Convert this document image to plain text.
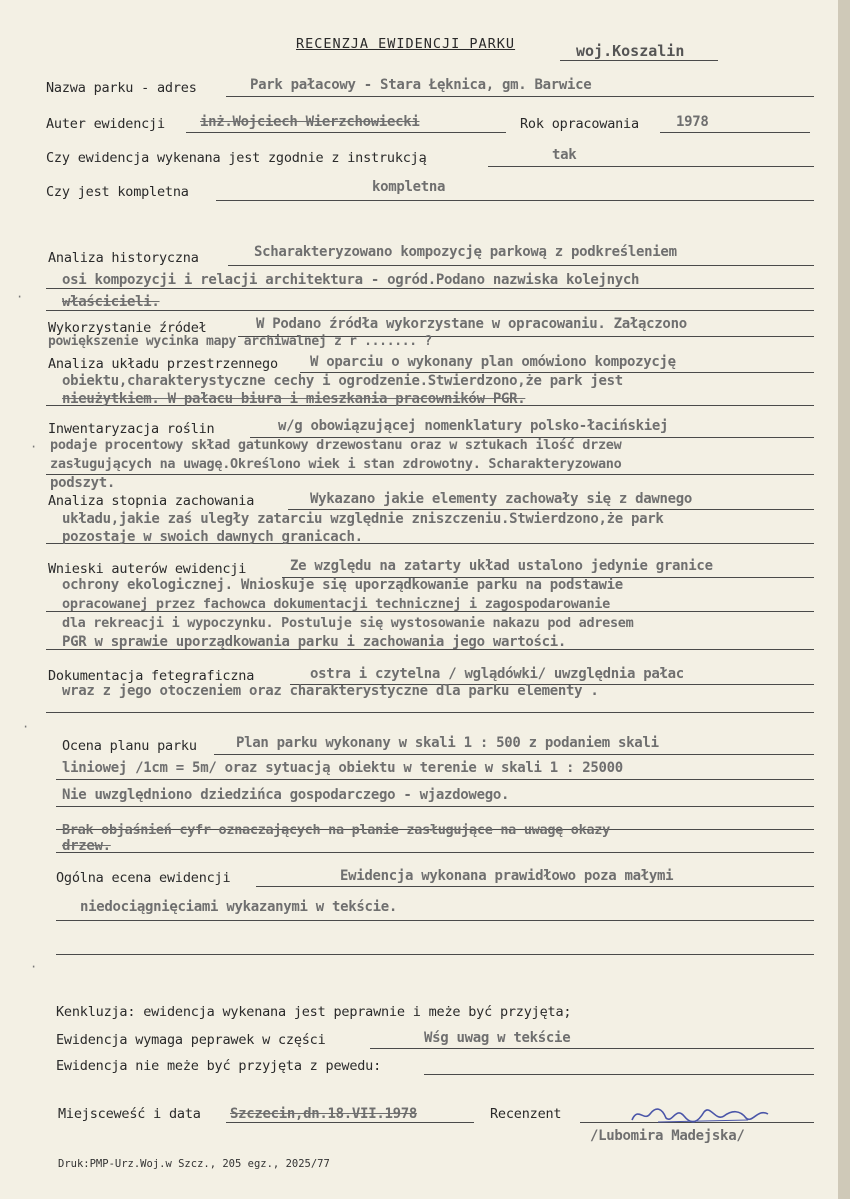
RECENZJA EWIDENCJI PARKU	woj.Koszalin
Nazwa parku - adres	Park pałacowy - Stara Łęknica, gm. Barwice
Auter ewidencji	inż.Wojciech Wierzchowiecki	Rok opracowania	1978
Czy ewidencja wykenana jest zgodnie z instrukcją	tak
Czy jest kompletna	kompletna
Analiza historyczna	Scharakteryzowano kompozycję parkową z podkreśleniem
osi kompozycji i relacji architektura - ogród.Podano nazwiska kolejnych
właścicieli.
Wykorzystanie źródeł	W Podano źródła wykorzystane w opracowaniu. Załączono
powiększenie wycinka mapy archiwalnej z r ....... ?
Analiza układu przestrzennego W oparciu o wykonany plan omówiono kompozycję
obiektu,charakterystyczne cechy i ogrodzenie.Stwierdzono,że park jest
nieużytkiem. W pałacu biura i mieszkania pracowników PGR.
Inwentaryzacja roślin	w/g obowiązującej nomenklatury polsko-łacińskiej
podaje procentowy skład gatunkowy drzewostanu oraz w sztukach ilość drzew
zasługujących na uwagę.Określono wiek i stan zdrowotny. Scharakteryzowano
podszyt.
Analiza stopnia zachowania	Wykazano jakie elementy zachowały się z dawnego
układu,jakie zaś uległy zatarciu względnie zniszczeniu.Stwierdzono,że park
pozostaje w swoich dawnych granicach.
Wnieski auterów ewidencji	Ze względu na zatarty układ ustalono jedynie granice
ochrony ekologicznej. Wnioskuje się uporządkowanie parku na podstawie
opracowanej przez fachowca dokumentacji technicznej i zagospodarowanie
dla rekreacji i wypoczynku. Postuluje się wystosowanie nakazu pod adresem
PGR w sprawie uporządkowania parku i zachowania jego wartości.
Dokumentacja fetegraficzna	ostra i czytelna / wglądówki/ uwzględnia pałac
wraz z jego otoczeniem oraz charakterystyczne dla parku elementy .
Ocena planu parku	Plan parku wykonany w skali 1 : 500 z podaniem skali
liniowej /1cm = 5m/ oraz sytuacją obiektu w terenie w skali 1 : 25000
Nie uwzględniono dziedzińca gospodarczego - wjazdowego.
Brak objaśnień cyfr oznaczających na planie zasługujące na uwagę okazy
drzew.
Ogólna ecena ewidencji	Ewidencja wykonana prawidłowo poza małymi
niedociągnięciami wykazanymi w tekście.
Kenkluzja: ewidencja wykenana jest peprawnie i meże być przyjęta;
Ewidencja wymaga peprawek w części	Wśg uwag w tekście
Ewidencja nie meże być przyjęta z pewedu:
Miejsceweść i data Szczecin,dn.18.VII.1978	Recenzent
/Lubomira Madejska/
·
·
·
·
Druk:PMP-Urz.Woj.w Szcz., 205 egz., 2025/77
